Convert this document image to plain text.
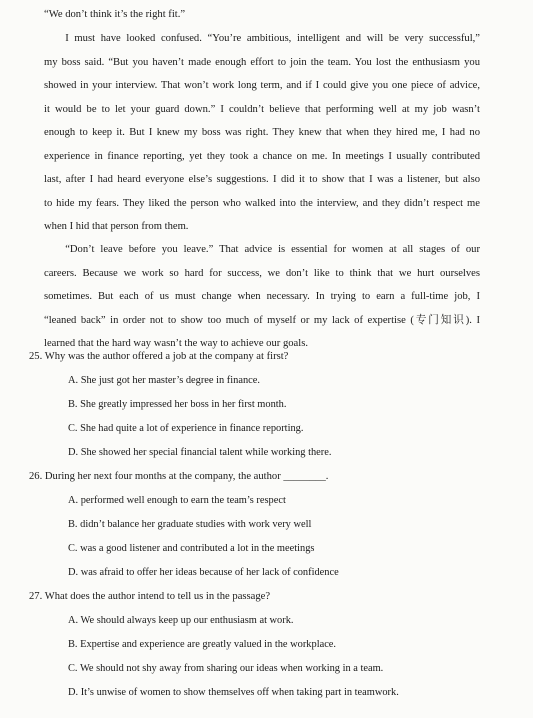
“We don’t think it’s the right fit.”

I must have looked confused. “You’re ambitious, intelligent and will be very successful,”

my boss said. “But you haven’t made enough effort to join the team. You lost the enthusiasm you

showed in your interview. That won’t work long term, and if I could give you one piece of advice,

it would be to let your guard down.” I couldn’t believe that performing well at my job wasn’t

enough to keep it. But I knew my boss was right. They knew that when they hired me, I had no

experience in finance reporting, yet they took a chance on me. In meetings I usually contributed

last, after I had heard everyone else’s suggestions. I did it to show that I was a listener, but also

to hide my fears. They liked the person who walked into the interview, and they didn’t respect me

when I hid that person from them.

“Don’t leave before you leave.” That advice is essential for women at all stages of our

careers. Because we work so hard for success, we don’t like to think that we hurt ourselves

sometimes. But each of us must change when necessary. In trying to earn a full-time job, I

“leaned back” in order not to show too much of myself or my lack of expertise (专门知识). I

learned that the hard way wasn’t the way to achieve our goals.

25. Why was the author offered a job at the company at first?
A. She just got her master’s degree in finance.
B. She greatly impressed her boss in her first month.
C. She had quite a lot of experience in finance reporting.
D. She showed her special financial talent while working there.
26. During her next four months at the company, the author ________.
A. performed well enough to earn the team’s respect
B. didn’t balance her graduate studies with work very well
C. was a good listener and contributed a lot in the meetings
D. was afraid to offer her ideas because of her lack of confidence
27. What does the author intend to tell us in the passage?
A. We should always keep up our enthusiasm at work.
B. Expertise and experience are greatly valued in the workplace.
C. We should not shy away from sharing our ideas when working in a team.
D. It’s unwise of women to show themselves off when taking part in teamwork.
